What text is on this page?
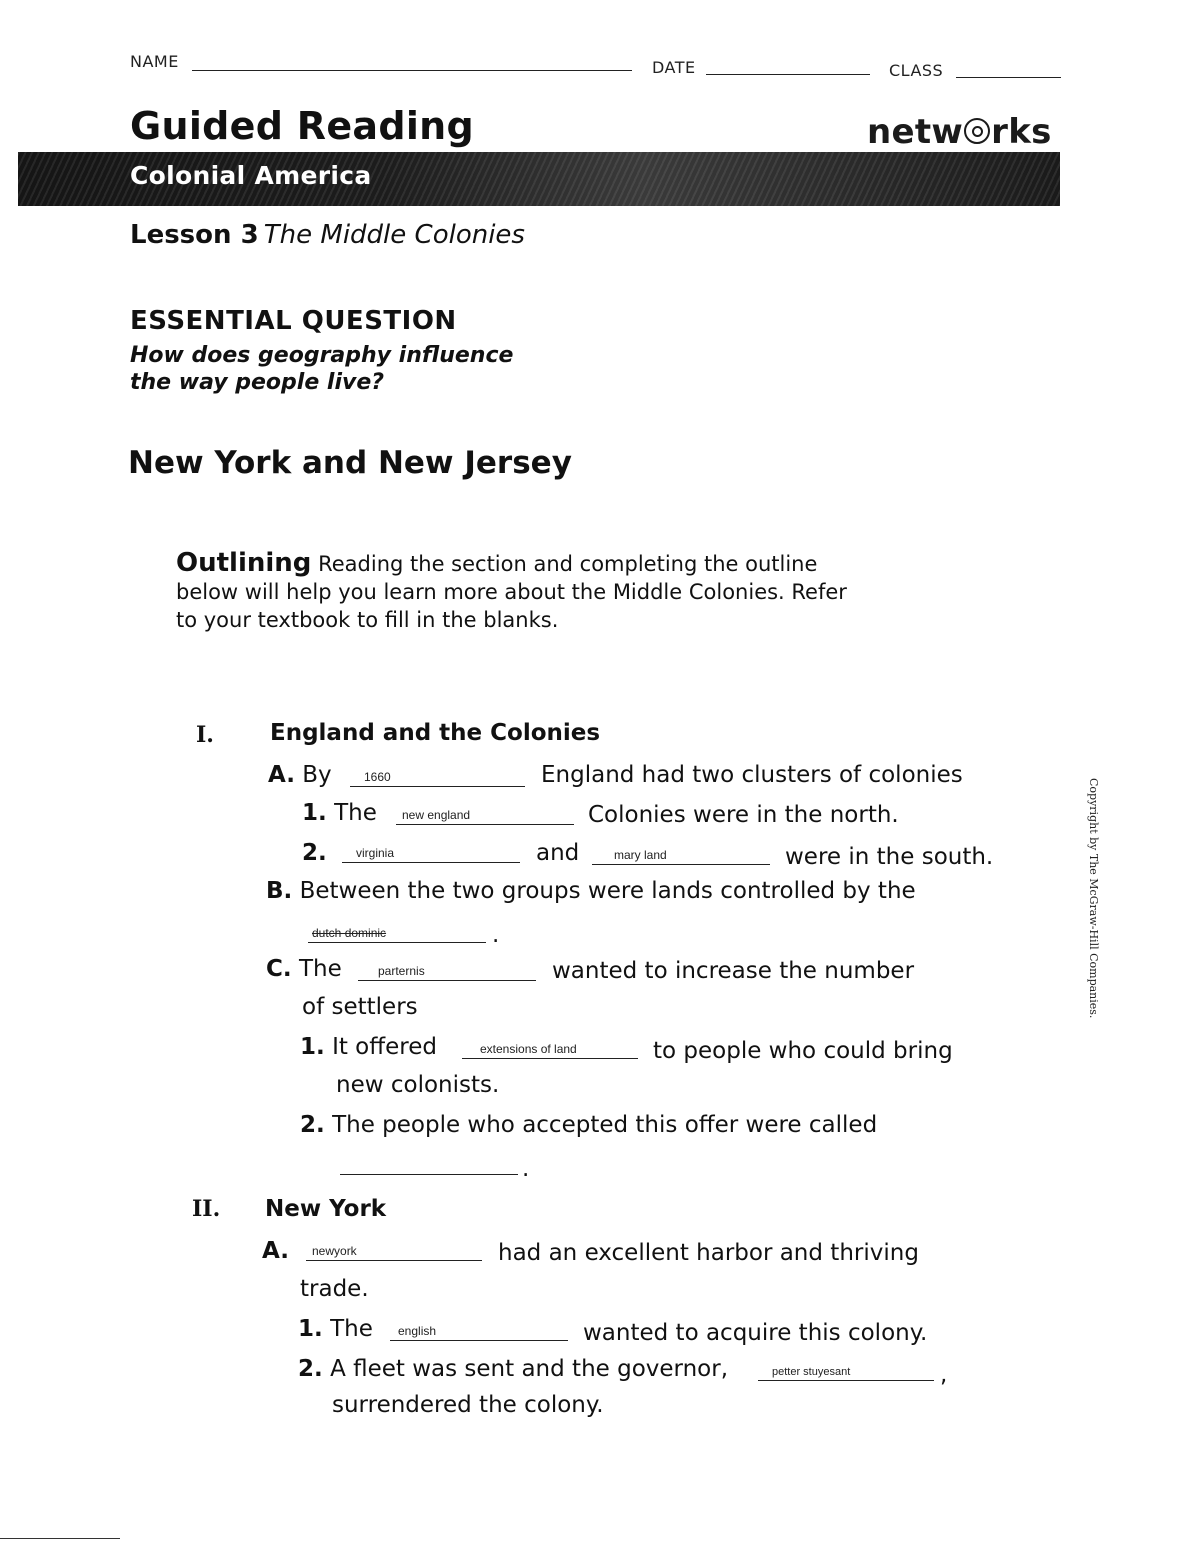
NAME	DATE	CLASS
Guided Reading	netw rks
Colonial America
Lesson 3 The Middle Colonies
ESSENTIAL QUESTION
How does geography influence
the way people live?
New York and New Jersey
Outlining Reading the section and completing the outline
below will help you learn more about the Middle Colonies. Refer
to your textbook to fill in the blanks.
I. England and the Colonies
A. By	1660	England had two clusters of colonies
1. The new england	Colonies were in the north.
2. virginia	and	mary land	were in the south.
B. Between the two groups were lands controlled by the
dutch dominic	.
C. The	parternis	wanted to increase the number
of settlers
1. It offered	extensions of land	to people who could bring
new colonists.
2. The people who accepted this offer were called
.
II. New York
A. newyork	had an excellent harbor and thriving
trade.
1. The english	wanted to acquire this colony.
2. A fleet was sent and the governor,	petter stuyesant	,
surrendered the colony.
Copyright by The McGraw-Hill Companies.
